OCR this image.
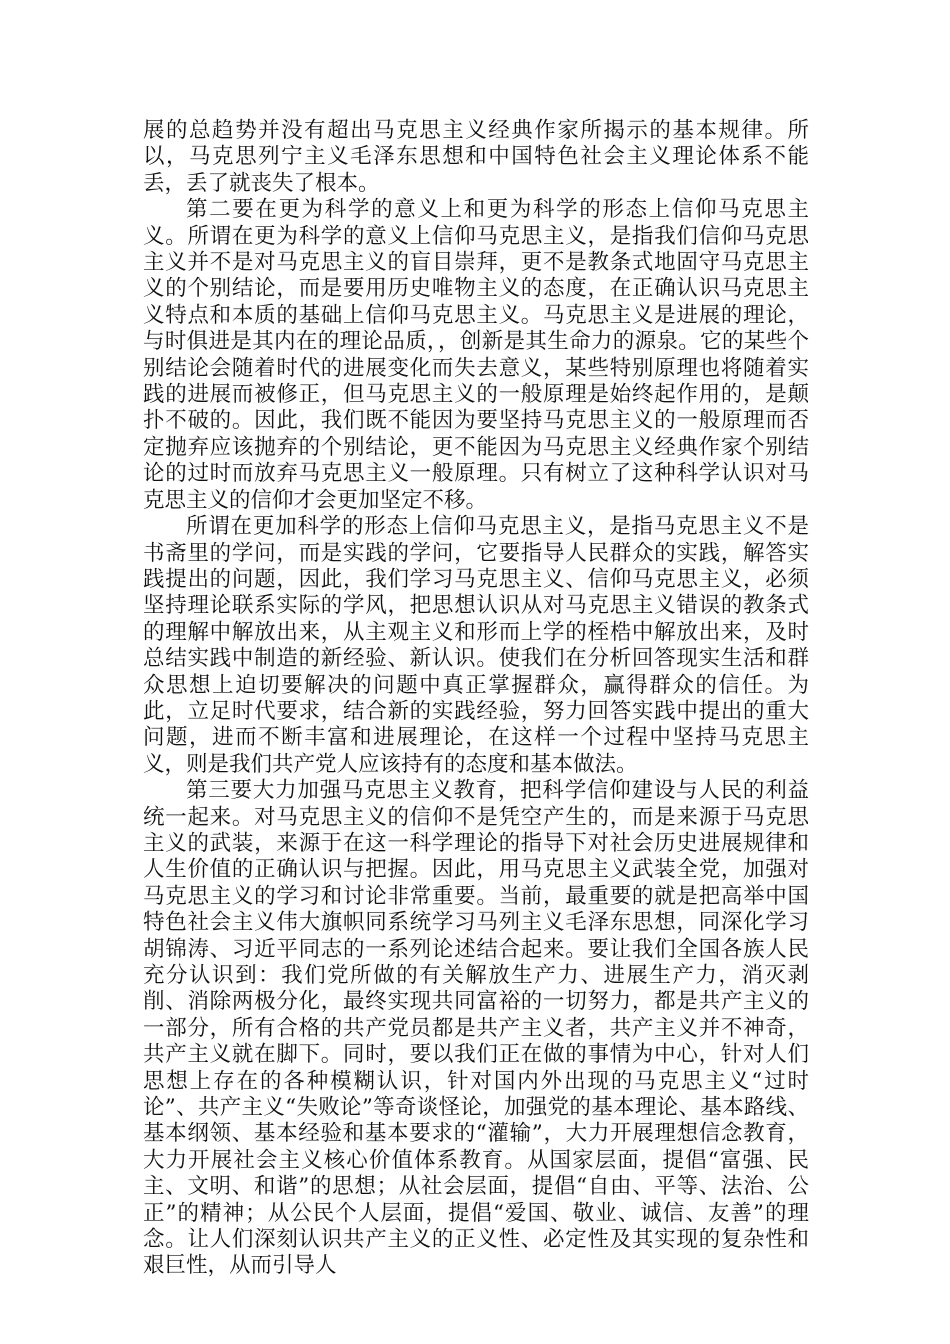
展的总趋势并没有超出马克思主义经典作家所揭示的基本规律。所以，马克思列宁主义毛泽东思想和中国特色社会主义理论体系不能丢，丢了就丧失了根本。

第二要在更为科学的意义上和更为科学的形态上信仰马克思主义。所谓在更为科学的意义上信仰马克思主义，是指我们信仰马克思主义并不是对马克思主义的盲目崇拜，更不是教条式地固守马克思主义的个别结论，而是要用历史唯物主义的态度，在正确认识马克思主义特点和本质的基础上信仰马克思主义。马克思主义是进展的理论，与时俱进是其内在的理论品质，，创新是其生命力的源泉。它的某些个别结论会随着时代的进展变化而失去意义，某些特别原理也将随着实践的进展而被修正，但马克思主义的一般原理是始终起作用的，是颠扑不破的。因此，我们既不能因为要坚持马克思主义的一般原理而否定抛弃应该抛弃的个别结论，更不能因为马克思主义经典作家个别结论的过时而放弃马克思主义一般原理。只有树立了这种科学认识对马克思主义的信仰才会更加坚定不移。

所谓在更加科学的形态上信仰马克思主义，是指马克思主义不是书斋里的学问，而是实践的学问，它要指导人民群众的实践，解答实践提出的问题，因此，我们学习马克思主义、信仰马克思主义，必须坚持理论联系实际的学风，把思想认识从对马克思主义错误的教条式的理解中解放出来，从主观主义和形而上学的桎梏中解放出来，及时总结实践中制造的新经验、新认识。使我们在分析回答现实生活和群众思想上迫切要解决的问题中真正掌握群众，赢得群众的信任。为此，立足时代要求，结合新的实践经验，努力回答实践中提出的重大问题，进而不断丰富和进展理论，在这样一个过程中坚持马克思主义，则是我们共产党人应该持有的态度和基本做法。

第三要大力加强马克思主义教育，把科学信仰建设与人民的利益统一起来。对马克思主义的信仰不是凭空产生的，而是来源于马克思主义的武装，来源于在这一科学理论的指导下对社会历史进展规律和人生价值的正确认识与把握。因此，用马克思主义武装全党，加强对马克思主义的学习和讨论非常重要。当前，最重要的就是把高举中国特色社会主义伟大旗帜同系统学习马列主义毛泽东思想，同深化学习胡锦涛、习近平同志的一系列论述结合起来。要让我们全国各族人民充分认识到：我们党所做的有关解放生产力、进展生产力，消灭剥削、消除两极分化，最终实现共同富裕的一切努力，都是共产主义的一部分，所有合格的共产党员都是共产主义者，共产主义并不神奇，共产主义就在脚下。同时，要以我们正在做的事情为中心，针对人们思想上存在的各种模糊认识，针对国内外出现的马克思主义“过时论”、共产主义“失败论”等奇谈怪论，加强党的基本理论、基本路线、基本纲领、基本经验和基本要求的“灌输”，大力开展理想信念教育，大力开展社会主义核心价值体系教育。从国家层面，提倡“富强、民主、文明、和谐”的思想；从社会层面，提倡“自由、平等、法治、公正”的精神；从公民个人层面，提倡“爱国、敬业、诚信、友善”的理念。让人们深刻认识共产主义的正义性、必定性及其实现的复杂性和艰巨性，从而引导人
